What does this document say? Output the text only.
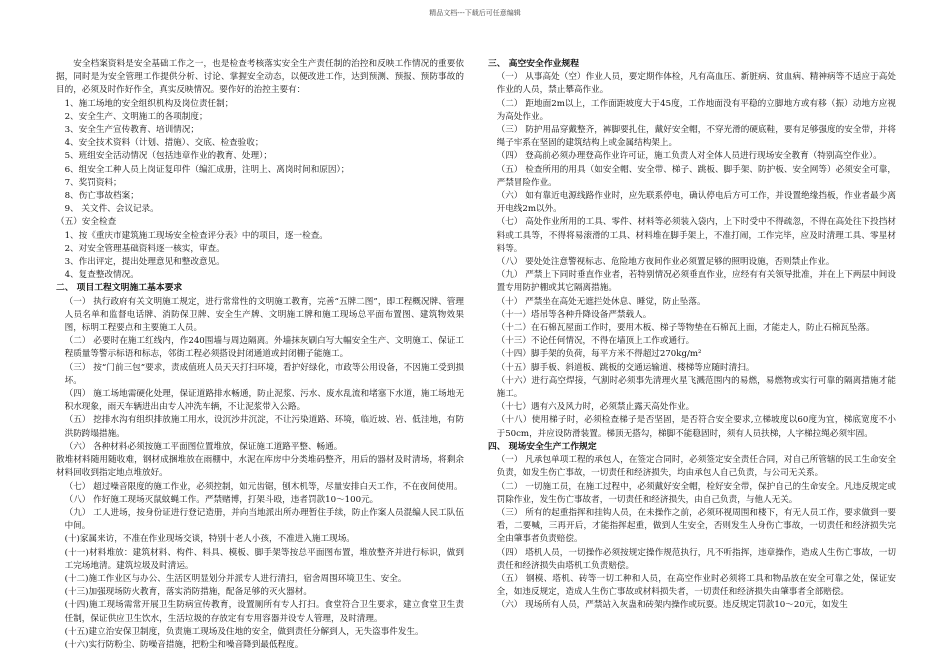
精品文档---下载后可任意编辑

安全档案资料是安全基础工作之一，也是检查考核落实安全生产责任制的治控和反映工作情况的重要依据，同时是为安全管理工作提供分析、讨论、掌握安全动态，以便改进工作，达到预测、预报、预防事故的目的，必须及时作好作全，真实反映情况。要作好的治控主要有：

1、施工场地的安全组织机构及岗位责任制；

2、安全生产、文明施工的各项制度；

3、安全生产宣传教育、培训情况；

4、安全技术资料（计划、措施）、交底、检查验收；

5、班组安全活动情况（包括违章作业的教育、处理）；

6、组安全工种人员上岗证复印件（编汇成册，注明上、离岗时间和原因）；

7、奖罚资料；

8、伤亡事故档案；

9、 关文件、会议记录。

（五）安全检查

1、按《重庆市建筑施工现场安全检查评分表》中的项目，逐一检查。

2、对安全管理基础资料逐一核实，审查。

3、作出评定，提出处理意见和整改意见。

4、复查整改情况。

二、 项目工程文明施工基本要求

（一） 执行政府有关文明施工规定，进行常常性的文明施工教育，完善“五牌二图”，即工程概况牌、管理人员名单和监督电话牌、消防保卫牌、安全生产牌、文明施工牌和施工现场总平面布置图、建筑物效果图，标明工程要点和主要施工人员。

（二） 必要时在施工红线内，作240围墙与周边隔离。外墙抹灰刷白写大幅安全生产、文明施工、保证工程质量等警示标语和标志，邻街工程必须搭设封闭通道或封闭棚子能施工。

（三） 按“门前三包”要求，责成值班人员天天打扫环境，看护好绿化，市政等公用设备，不因施工受到损坏。

（四） 施工场地需硬化处理，保证道路排水畅通，防止泥浆、污水、废水乱流和堵塞下水道，施工场地无积水现象，雨天车辆进出由专人冲洗车辆，不让泥浆带入公路。

（五） 挖排水沟有组织排放施工用水，设沉沙井沉淀，不让污染道路、环境，临近坡、岩、低洼地，有防洪防跨塌措施。

（六） 各种材料必须按施工平面图位置堆放，保证施工道路平整、畅通。

散堆材料随用随收难，钢材成捆堆放在雨棚中，水泥在库房中分类堆码整齐，用后的器材及时清场，将剩余材料回收到指定地点堆放好。

（七） 超过噪音限度的施工作业，必须控制，如元齿锯，刨木机等，尽量安排白天工作，不在夜间使用。

（八） 作好施工现场灭鼠蚊蝇工作。严禁赌博，打架斗殴，违者罚款10～100元。

（九） 工人进场，按身份证进行登记造册，并向当地派出所办理暂住手续，防止作案人员混编人民工队伍中间。

(十)家属来访，不准在作业现场交谈，特别十老人小孩，不准进入施工现场。

(十一)材料堆放：建筑材料、构件、料具、模板、脚手架等按总平面图布置，堆放整齐并进行标识，做到工完场地清。建筑垃圾及时清运。

(十二)施工作业区与办公、生活区明显划分并派专人进行清扫，宿舍周围环境卫生、安全。

(十三)加强现场防火教育，落实消防措施，配备足够的灭火器材。

(十四)施工现场需常开展卫生防病宣传教育，设置厕所有专人打扫。食堂符合卫生要求，建立食堂卫生责任制，保证供应卫生饮水，生活垃圾的存放定有专用容器并设专人管理，及时清理。

(十五)建立治安保卫制度，负责施工现场及住地的安全，做到责任分解到人，无失盗事件发生。

(十六)实行防粉尘、防噪音措施，把粉尘和噪音降到最低程度。

三、 高空安全作业规程

（一） 从事高处（空）作业人员，要定期作体检，凡有高血压、新脏病、贫血病、精神病等不适应于高处作业的人员，禁止攀高作业。

（二） 距地面2m以上，工作面距坡度大于45度，工作地面没有平稳的立脚地方或有移（振）动地方应视为高处作业。

（三） 防护用品穿戴整齐，裤脚要扎住，戴好安全帽，不穿光滑的硬底鞋，要有足够强度的安全带，并将绳子牢系在坚固的建筑结构上或金属结构架上。

（四） 登高前必须办理登高作业许可证，施工负责人对全体人员进行现场安全教育（特别高空作业）。

（五） 检查所用的用具（如安全帽、安全带、梯子、跳板、脚手架、防护板、安全网等）必须安全可靠，严禁冒险作业。

（六） 如有靠近电源线路作业时，应先联系停电，确认停电后方可工作，并设置绝缘挡板，作业者最少离开电线2m以外。

（七） 高处作业所用的工具、零件、材料等必须装入袋内，上下时受中不得疏忽，不得在高处往下投挡材料或工具等，不得将易滚滑的工具、材料堆在脚手架上，不准打闹，工作完毕，应及时清理工具、零星材料等。

（八） 要处处注意警视标志、危险地方夜间作业必须置足够的照明设施，否则禁止作业。

（九） 严禁上下同时垂直作业者，若特别情况必须垂直作业，应经有有关领导批准，并在上下两层中间设置专用防护棚或其它隔离措施。

（十） 严禁坐在高处无遮拦处休息、睡觉，防止坠落。

（十一）塔吊等各种升降设备严禁载人。

（十二）在石棉瓦屋面工作时，要用木板、梯子等物垫在石棉瓦上面，才能走人，防止石棉瓦坠落。

（十三）不论任何情况，不得在墙顶上工作或通行。

（十四）脚手架的负荷，每平方米不得超过270kg/m²

（十五）脚手板、斜道板、跳板的交通运输道、楼梯等应随时清扫。

（十六）进行高空焊接，气割时必须事先清理火星飞溅范围内的易燃，易燃物或实行可靠的隔离措施才能施工。

（十七）遇有六及风力时，必须禁止露天高处作业。

（十八）使用梯子时，必须检查梯子是否坚固，是否符合安全要求,立梯坡度以60度为宜，梯底宽度不小于50cm，并应设防滑装置。梯顶无搭勾，梯脚不能稳固时，须有人员扶梯，人字梯拉绳必须牢固。

四、 现场安全生产工作规定

（一） 凡承包单项工程的承包人，在签定合同时，必须签定安全责任合同，对自己所管辖的民工生命安全负责，如发生伤亡事故，一切责任和经济损失，均由承包人自己负责，与公司无关系。

（二） 一切施工员，在施工过程中，必须戴好安全帽，栓好安全带，保护自己的生命安全。凡违反规定或罚除作业，发生伤亡事故者，一切责任和经济损失，由自己负责，与他人无关。

（三） 所有的起重指挥和挂钩人员，在未操作之前，必须环视周围和楼下，有无人员工作，要求做到一要看，二要喊，三再开后，才能指挥起重，做到人生安全，否则发生人身伤亡事故，一切责任和经济损失完全由肇事者负责赔偿。

（四） 塔机人员，一切操作必须按规定操作规范执行，凡不听指挥，违章操作，造成人生伤亡事故，一切责任和经济损失由塔机工负责赔偿。

（五） 钢模、塔机、砖等一切工种和人员，在高空作业时必须将工具和物品放在安全可靠之处，保证安全，如违反规定，造成人生伤亡事故或材料损失者，一切责任和经济损失由肇事者全部赔偿。

（六） 现场所有人员，严禁站入灰蛊和砖架内操作或玩耍。违反规定罚款10～20元，如发生
